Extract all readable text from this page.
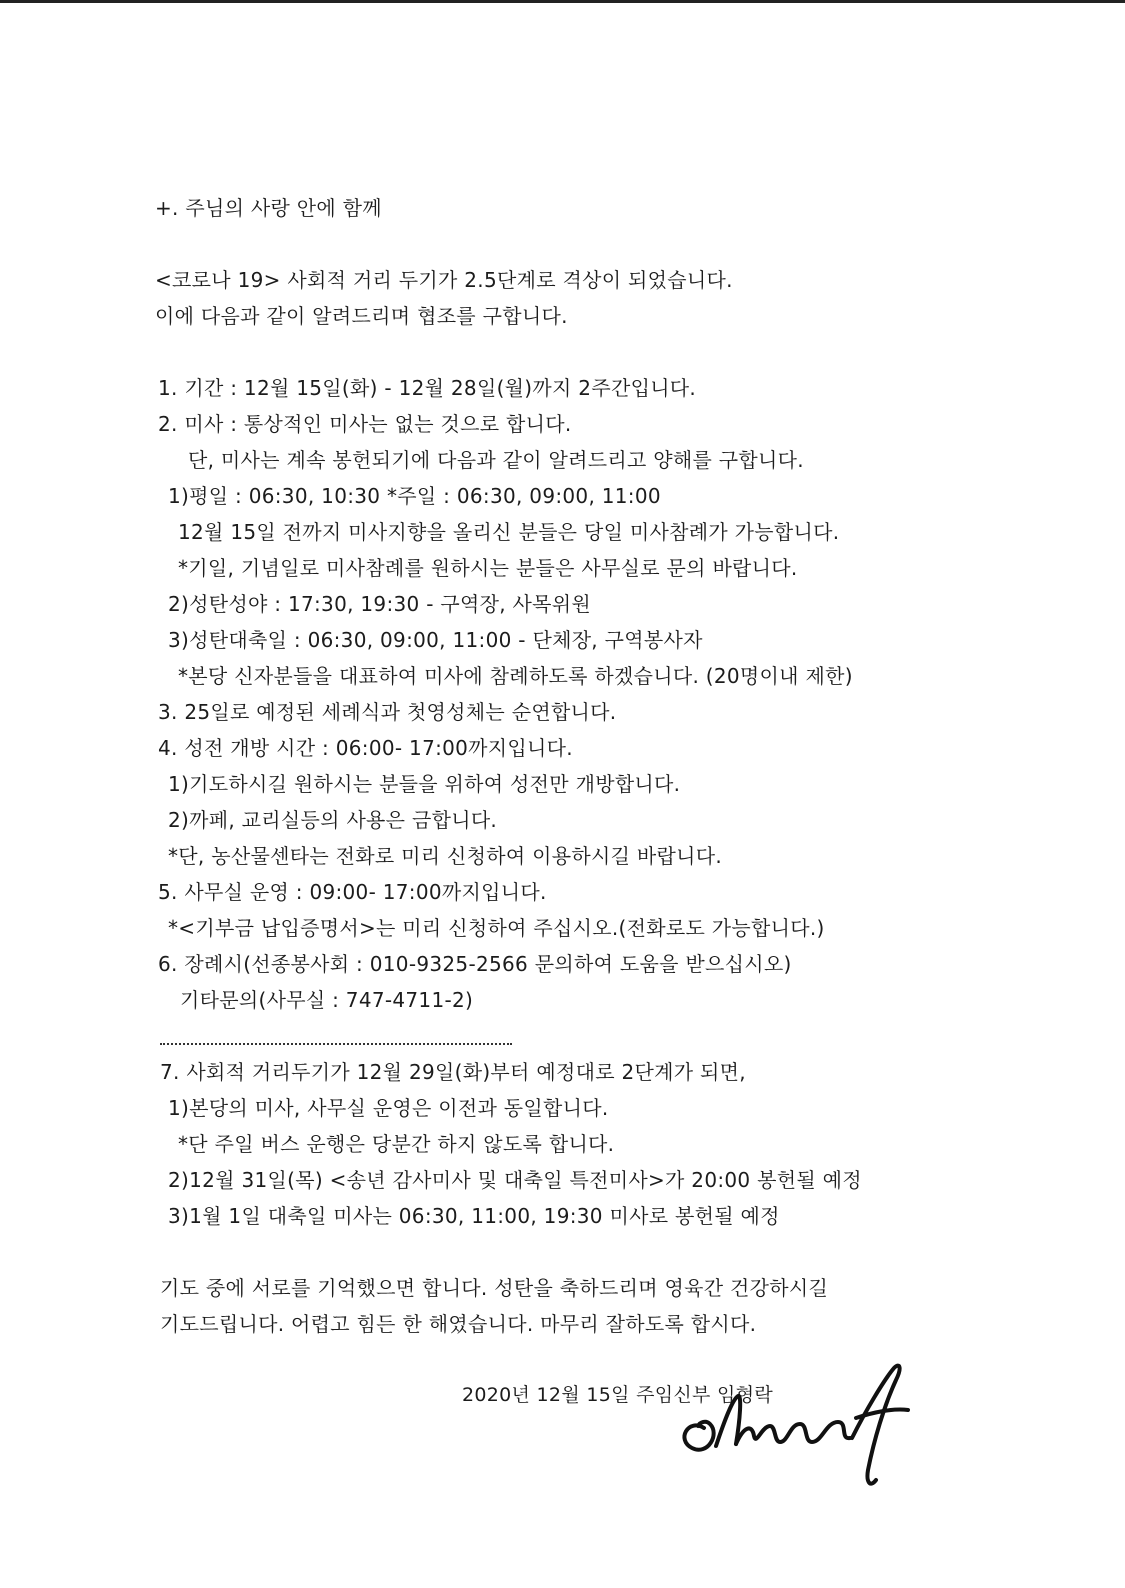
+. 주님의 사랑 안에 함께
<코로나 19> 사회적 거리 두기가 2.5단계로 격상이 되었습니다.
이에 다음과 같이 알려드리며 협조를 구합니다.
1. 기간 : 12월 15일(화) - 12월 28일(월)까지 2주간입니다.
2. 미사 : 통상적인 미사는 없는 것으로 합니다.
단, 미사는 계속 봉헌되기에 다음과 같이 알려드리고 양해를 구합니다.
1)평일 : 06:30, 10:30 *주일 : 06:30, 09:00, 11:00
12월 15일 전까지 미사지향을 올리신 분들은 당일 미사참례가 가능합니다.
*기일, 기념일로 미사참례를 원하시는 분들은 사무실로 문의 바랍니다.
2)성탄성야 : 17:30, 19:30 - 구역장, 사목위원
3)성탄대축일 : 06:30, 09:00, 11:00 - 단체장, 구역봉사자
*본당 신자분들을 대표하여 미사에 참례하도록 하겠습니다. (20명이내 제한)
3. 25일로 예정된 세례식과 첫영성체는 순연합니다.
4. 성전 개방 시간 : 06:00- 17:00까지입니다.
1)기도하시길 원하시는 분들을 위하여 성전만 개방합니다.
2)까페, 교리실등의 사용은 금합니다.
*단, 농산물센타는 전화로 미리 신청하여 이용하시길 바랍니다.
5. 사무실 운영 : 09:00- 17:00까지입니다.
*<기부금 납입증명서>는 미리 신청하여 주십시오.(전화로도 가능합니다.)
6. 장례시(선종봉사회 : 010-9325-2566 문의하여 도움을 받으십시오)
기타문의(사무실 : 747-4711-2)
7. 사회적 거리두기가 12월 29일(화)부터 예정대로 2단계가 되면,
1)본당의 미사, 사무실 운영은 이전과 동일합니다.
*단 주일 버스 운행은 당분간 하지 않도록 합니다.
2)12월 31일(목) <송년 감사미사 및 대축일 특전미사>가 20:00 봉헌될 예정
3)1월 1일 대축일 미사는 06:30, 11:00, 19:30 미사로 봉헌될 예정
기도 중에 서로를 기억했으면 합니다. 성탄을 축하드리며 영육간 건강하시길
기도드립니다. 어렵고 힘든 한 해였습니다. 마무리 잘하도록 합시다.
2020년 12월 15일 주임신부 임형락
